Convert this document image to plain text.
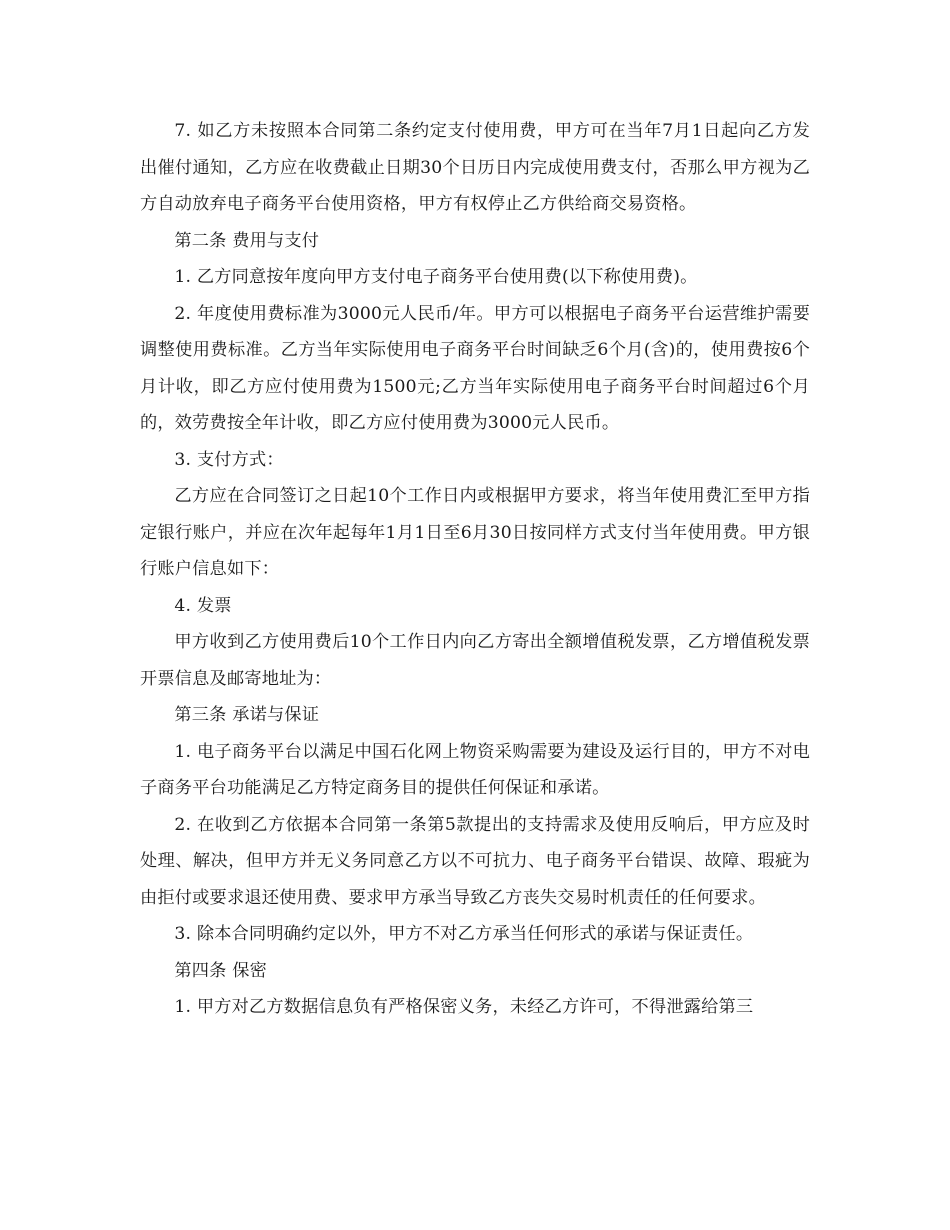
7. 如乙方未按照本合同第二条约定支付使用费，甲方可在当年7月1日起向乙方发出催付通知，乙方应在收费截止日期30个日历日内完成使用费支付，否那么甲方视为乙方自动放弃电子商务平台使用资格，甲方有权停止乙方供给商交易资格。

第二条 费用与支付

1. 乙方同意按年度向甲方支付电子商务平台使用费(以下称使用费)。

2. 年度使用费标准为3000元人民币/年。甲方可以根据电子商务平台运营维护需要调整使用费标准。乙方当年实际使用电子商务平台时间缺乏6个月(含)的，使用费按6个月计收，即乙方应付使用费为1500元;乙方当年实际使用电子商务平台时间超过6个月的，效劳费按全年计收，即乙方应付使用费为3000元人民币。

3. 支付方式：

乙方应在合同签订之日起10个工作日内或根据甲方要求，将当年使用费汇至甲方指定银行账户，并应在次年起每年1月1日至6月30日按同样方式支付当年使用费。甲方银行账户信息如下：

4. 发票

甲方收到乙方使用费后10个工作日内向乙方寄出全额增值税发票，乙方增值税发票开票信息及邮寄地址为：

第三条 承诺与保证

1. 电子商务平台以满足中国石化网上物资采购需要为建设及运行目的，甲方不对电子商务平台功能满足乙方特定商务目的提供任何保证和承诺。

2. 在收到乙方依据本合同第一条第5款提出的支持需求及使用反响后，甲方应及时处理、解决，但甲方并无义务同意乙方以不可抗力、电子商务平台错误、故障、瑕疵为由拒付或要求退还使用费、要求甲方承当导致乙方丧失交易时机责任的任何要求。

3. 除本合同明确约定以外，甲方不对乙方承当任何形式的承诺与保证责任。

第四条 保密

1. 甲方对乙方数据信息负有严格保密义务，未经乙方许可，不得泄露给第三
